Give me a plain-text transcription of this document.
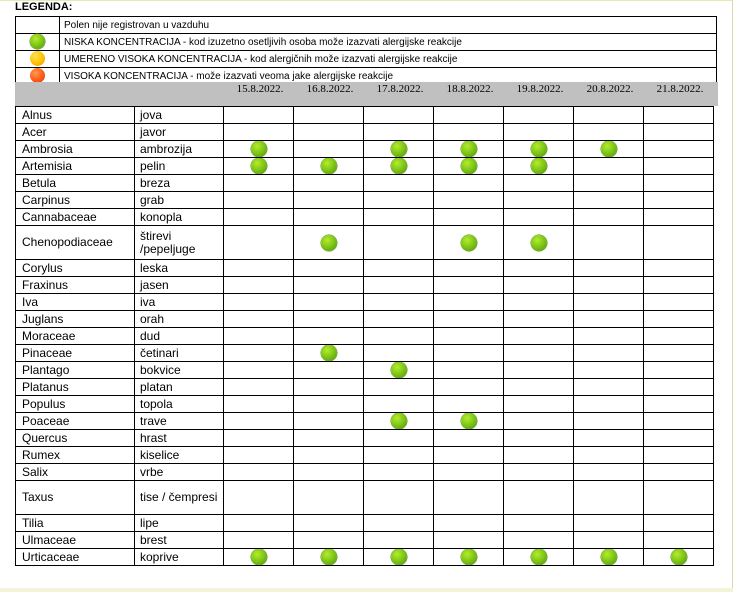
LEGENDA:
	Polen nije registrovan u vazduhu
	NISKA KONCENTRACIJA - kod izuzetno osetljivih osoba može izazvati alergijske reakcije
	UMERENO VISOKA KONCENTRACIJA - kod alergičnih može izazvati alergijske reakcije
	VISOKA KONCENTRACIJA - može izazvati veoma jake alergijske reakcije
15.8.2022.	16.8.2022.	17.8.2022.	18.8.2022.	19.8.2022.	20.8.2022.	21.8.2022.
Alnus	jova							
Acer	javor							
Ambrosia	ambrozija							
Artemisia	pelin							
Betula	breza							
Carpinus	grab							
Cannabaceae	konopla							
Chenopodiaceae	štirevi /pepeljuge							
Corylus	leska							
Fraxinus	jasen							
Iva	iva							
Juglans	orah							
Moraceae	dud							
Pinaceae	četinari							
Plantago	bokvice							
Platanus	platan							
Populus	topola							
Poaceae	trave							
Quercus	hrast							
Rumex	kiselice							
Salix	vrbe							
Taxus	tise / čempresi							
Tilia	lipe							
Ulmaceae	brest							
Urticaceae	koprive							
